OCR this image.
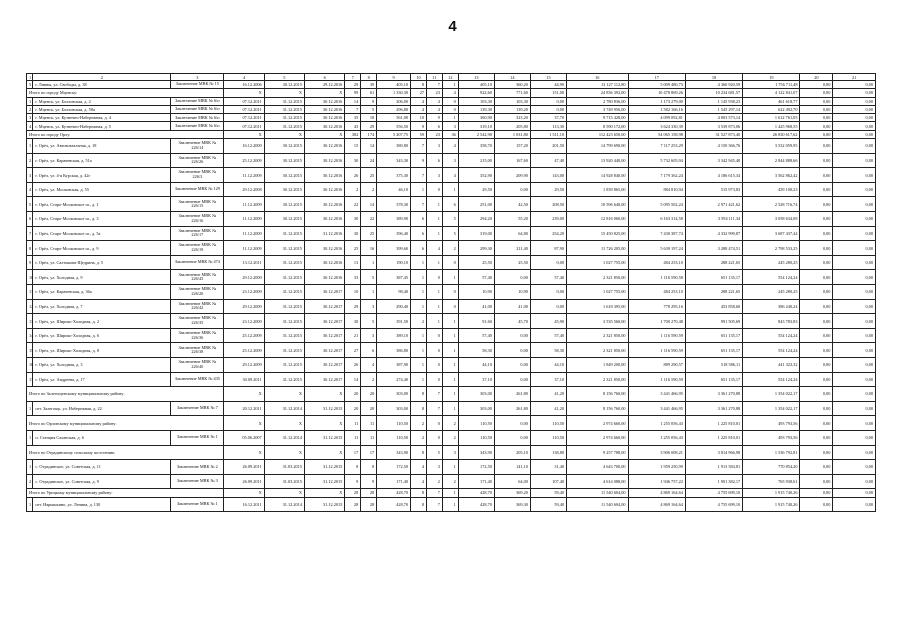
4
1	2	3	4	5	6	7	8	9	10	11	12	13	14	15	16	17	18	19	20	21
5	г. Ливны, ул. Свободы, д. 38	Заключение МВК № 15	16.12.2006	30.12.2015	29.12.2016	29	39	405,10	8	7	1	405,10	360,20	44,90	13 127 112,80	5 009 480,73	4 360 920,59	1 756 711,48	0,00	0,00
Итого по городу Мценску:			X	X	X	99	61	1 330,30	27	23	4	922,60	771,60	151,00	24 836 392,00	10 478 869,26	10 234 681,57	4 122 841,07	0,00	0,00
1	г. Мценск, ул. Болховская, д. 2	Заключение МВК № 6/п	07.12.2011	31.12.2015	30.12.2016	14	9	206,00	4	4	0	103,30	103,30	0,00	2 780 836,00	1 173 279,00	1 145 938,23	461 618,77	0,00	0,00
2	г. Мценск, ул. Болховская, д. 58а	Заключение МВК № 6/п	07.12.2011	31.12.2015	30.12.2016	7	5	296,80	4	4	0	139,30	139,20	0,00	3 749 956,00	1 582 166,16	1 545 297,14	622 492,70	0,00	0,00
3	г. Мценск, ул. Кузнечно-Набережная, д. 4	Заключение МВК № 6/п	07.12.2011	31.12.2015	30.12.2016	35	18	561,00	10	9	1	360,90	323,20	37,70	9 715 428,00	4 099 092,81	4 003 573,14	1 612 761,05	0,00	0,00
4	г. Мценск, ул. Кузнечно-Набережная, д. 5	Заключение МВК № 6/п	07.12.2011	31.12.2015	30.12.2016	43	29	556,50	9	6	3	319,10	205,80	113,30	8 590 172,00	3 624 330,39	3 539 873,06	1 425 968,55	0,00	0,00
Итого по городу Орлу:			X	X	X	382	174	5 207,75	59	23	36	2 542,90	1 031,80	1 511,10	112 423 650,00	54 065 158,98	31 527 873,40	26 830 617,62	0,00	0,00
1	г. Орёл, ул. Автовокзальная, д. 18	Заключение МВК № 226/14	16.12.2009	30.12.2015	30.12.2016	15	14	380,80	7	3	4	358,70	157,20	201,50	14 799 690,00	7 117 253,29	4 150 366,76	3 532 059,95	0,00	0,00
2	г. Орёл, ул. Карачевская, д. 51а	Заключение МВК № 226/26	25.12.2009	30.12.2015	30.12.2016	30	24	343,30	9	6	3	215,00	167,60	47,40	13 920 440,00	5 732 605,94	3 342 945,40	2 844 888,66	0,00	0,00
3	г. Орёл, ул. 4-я Курская, д. 42г	Заключение МВК № 226/3	11.12.2009	30.12.2015	30.12.2016	26	25	375,30	7	3	4	352,90	209,90	143,00	14 928 840,00	7 179 362,24	4 186 615,34	3 562 862,42	0,00	0,00
4	г. Орёл, ул. Московская, д. 55	Заключение МВК № 129	29.12.2008	30.12.2015	30.12.2016	2	2	46,10	1	0	1	29,50	0,00	29,50	1 839 865,00	884 810,94	515 973,83	439 100,23	0,00	0,00
5	г. Орёл, Старо-Московское ш., д. 1	Заключение МВК № 226/15	11.12.2009	30.12.2015	30.12.2016	22	14	378,30	7	1	6	251,00	42,50	208,50	10 596 640,00	5 095 502,24	2 971 421,62	2 528 716,74	0,00	0,00
6	г. Орёл, Старо-Московское ш., д. 3	Заключение МВК № 226/16	11.12.2009	30.12.2015	30.12.2016	30	22	389,90	6	1	5	294,20	55,20	239,00	12 816 060,00	6 163 314,58	3 594 111,34	3 058 634,08	0,00	0,00
7	г. Орёл, Старо-Московское ш., д. 5а	Заключение МВК № 226/17	11.12.2009	31.12.2015	31.12.2016	30	25	396,40	6	1	5	319,00	64,80	254,20	15 450 825,00	7 430 387,74	4 332 999,87	3 687 437,44	0,00	0,00
8	г. Орёл, Старо-Московское ш., д. 9	Заключение МВК № 226/19	11.12.2009	31.12.2015	30.12.2016	25	16	399,60	6	4	2	299,30	211,40	87,90	11 726 205,00	5 639 197,24	3 288 474,51	2 798 533,25	0,00	0,00
9	г. Орёл, ул. Салтыкова-Щедрина, д. 5	Заключение МВК № 474	13.12.2011	31.12.2015	30.12.2016	13	1	190,10	1	1	0	25,50	25,50	0,00	1 027 755,00	484 253,10	288 221,65	245 280,25	0,00	0,00
10	г. Орёл, ул. Холодная, д. 9	Заключение МВК № 226/43	29.12.2009	31.12.2015	30.12.2016	33	5	387,45	1	0	1	57,40	0,00	57,40	2 321 850,00	1 116 590,58	651 135,17	554 124,24	0,00	0,00
11	г. Орёл, ул. Карачевская, д. 36а	Заключение МВК № 226/20	23.12.2009	31.12.2015	30.12.2017	10	1	98,40	1	1	0	10,90	10,90	0,00	1 027 755,00	484 253,10	288 221,65	245 280,25	0,00	0,00
12	г. Орёл, ул. Холодная, д. 7	Заключение МВК № 226/42	29.12.2009	31.12.2015	30.12.2017	29	3	290,40	1	1	0	41,00	41,00	0,00	1 618 395,00	778 295,16	453 858,60	386 240,24	0,00	0,00
13	г. Орёл, ул. Широко-Холодная, д. 2	Заключение МВК № 226/35	23.12.2009	31.12.2015	30.12.2017	30	5	391,50	2	1	1	91,60	45,70	45,90	3 535 560,00	1 700 270,48	991 505,69	843 783,83	0,00	0,00
14	г. Орёл, ул. Широко-Холодная, д. 6	Заключение МВК № 226/36	25.12.2009	31.12.2015	30.12.2017	21	3	389,10	1	0	1	57,40	0,00	57,40	2 321 850,00	1 116 590,59	651 135,17	554 124,24	0,00	0,00
15	г. Орёл, ул. Широко-Холодная, д. 8	Заключение МВК № 226/38	25.12.2009	31.12.2015	30.12.2017	27	6	386,80	1	0	1	58,30	0,00	58,30	2 321 850,00	1 116 590,59	651 135,17	554 124,24	0,00	0,00
16	г. Орёл, ул. Холодная, д. 3	Заключение МВК № 226/40	29.12.2009	31.12.2015	30.12.2017	26	4	387,90	1	0	1	44,10	0,00	44,10	1 849 200,00	889 290,57	518 586,11	441 323,32	0,00	0,00
17	г. Орёл, ул. Андреева, д. 17	Заключение МВК № 435	30.09.2011	31.12.2015	30.12.2017	14	2	274,40	1	0	1	37,10	0,00	37,10	2 321 850,00	1 116 590,59	651 135,17	554 124,24	0,00	0,00
Итого по Залегощенскому муниципальному району:			X	X	X	20	20	303,00	8	7	1	303,00	261,80	41,20	8 156 760,00	3 441 466,95	3 361 270,88	1 354 022,17	0,00	0,00
1	пгт. Залегощь, ул. Набережная, д. 22	Заключение МВК № 7	20.12.2011	31.12.2014	31.12.2015	20	20	303,00	8	7	1	303,00	261,80	41,20	8 156 760,00	3 441 466,95	3 361 270,88	1 354 022,17	0,00	0,00
Итого по Орловскому муниципальному району:			X	X	X	11	11	110,50	2	0	2	110,50	0,00	110,50	2 974 660,00	1 255 056,43	1 225 810,01	493 793,56	0,00	0,00
1	п. Станция Саханская, д. 6	Заключение МВК № 1	05.06.2007	31.12.2014	31.12.2015	11	11	110,50	2	0	2	110,50	0,00	110,50	2 974 660,00	1 255 056,43	1 225 810,01	493 793,56	0,00	0,00
Итого по Отрадинскому сельскому поселению:			X	X	X	17	17	343,90	8	5	3	343,90	205,10	138,80	9 257 788,00	3 906 008,21	3 814 966,98	1 536 792,81	0,00	0,00
1	с. Отрадинское, ул. Советская, д. 11	Заключение МВК № 2	26.09.2011	31.03.2015	31.12.2015	8	8	172,50	4	3	1	172,50	141,10	31,40	4 643 700,00	1 959 250,99	1 913 584,81	770 854,20	0,00	0,00
2	с. Отрадинское, ул. Советская, д. 9	Заключение МВК № 3	26.09.2011	31.03.2015	31.12.2015	9	9	171,40	4	2	2	171,40	64,00	107,40	4 614 088,00	1 946 757,22	1 901 382,17	765 938,61	0,00	0,00
Итого по Урицкому муниципальному району:			X	X	X	28	28	428,70	8	7	1	428,70	369,20	59,40	11 540 604,00	4 869 164,64	4 755 699,10	1 915 740,26	0,00	0,00
1	пгт. Нарышкино, ул. Ленина, д. 130	Заключение МВК № 1	16.12.2011	31.12.2014	31.12.2015	28	28	428,70	8	7	1	428,70	369,30	59,40	11 540 604,00	4 869 164,64	4 755 699,10	1 915 740,26	0,00	0,00
